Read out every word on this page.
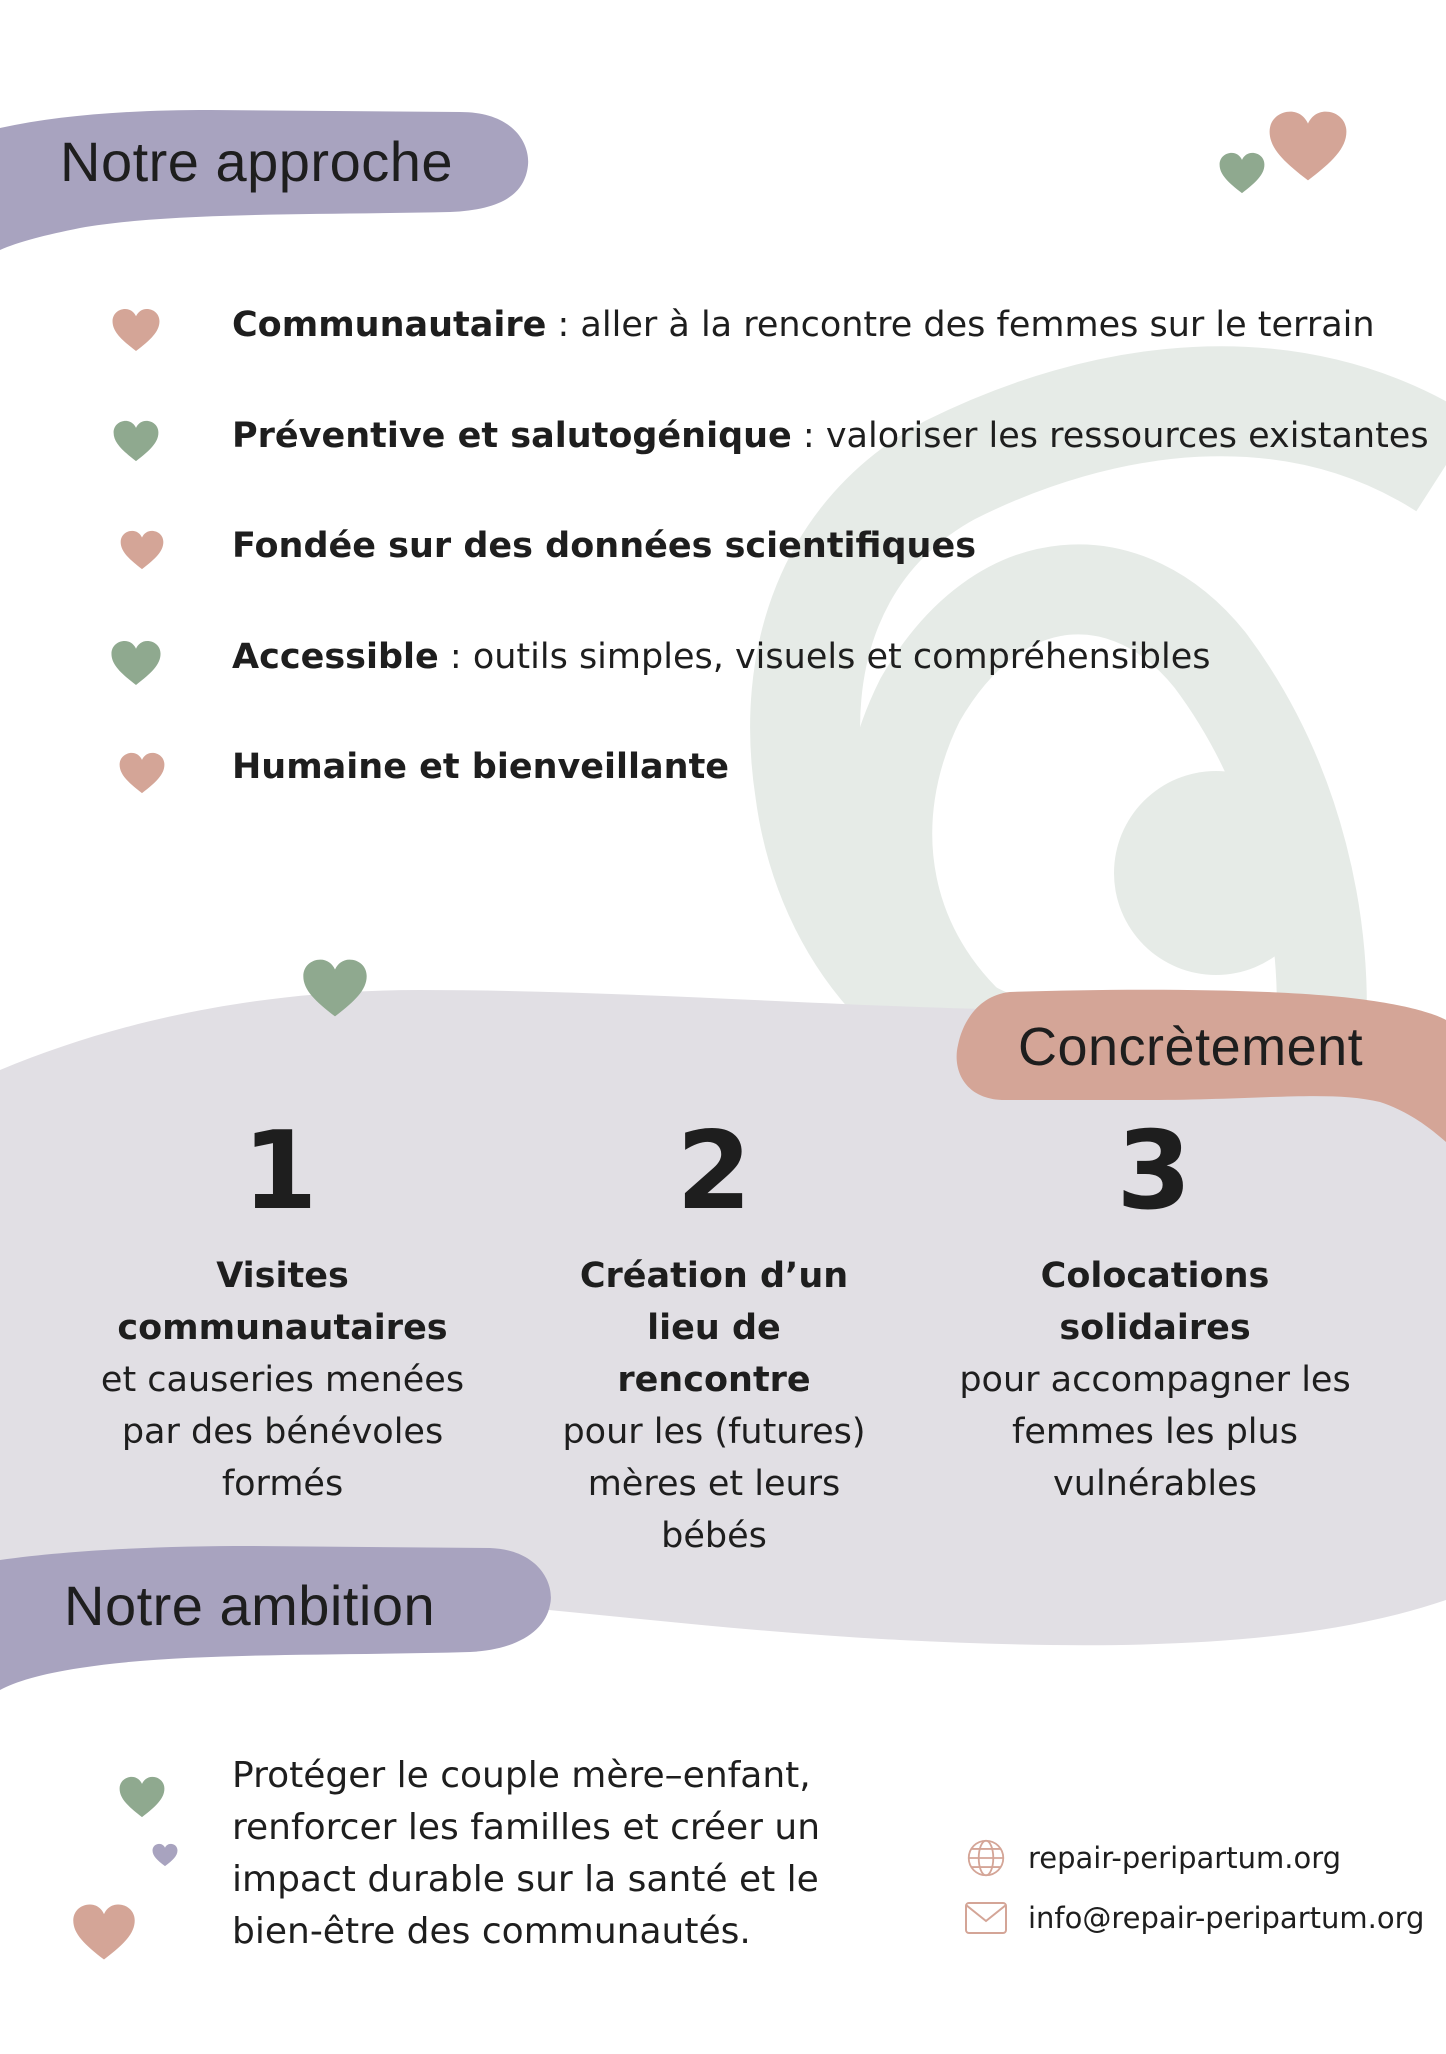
Notre approche
Communautaire : aller à la rencontre des femmes sur le terrain
Préventive et salutogénique : valoriser les ressources existantes
Fondée sur des données scientifiques
Accessible : outils simples, visuels et compréhensibles
Humaine et bienveillante
Concrètement
1
Visites communautaires
et causeries menées par des bénévoles formés
2
Création d’un lieu de rencontre
pour les (futures) mères et leurs bébés
3
Colocations solidaires
pour accompagner les femmes les plus vulnérables
Notre ambition

Protéger le couple mère–enfant, renforcer les familles et créer un impact durable sur la santé et le bien-être des communautés.

repair-peripartum.org
info@repair-peripartum.org
